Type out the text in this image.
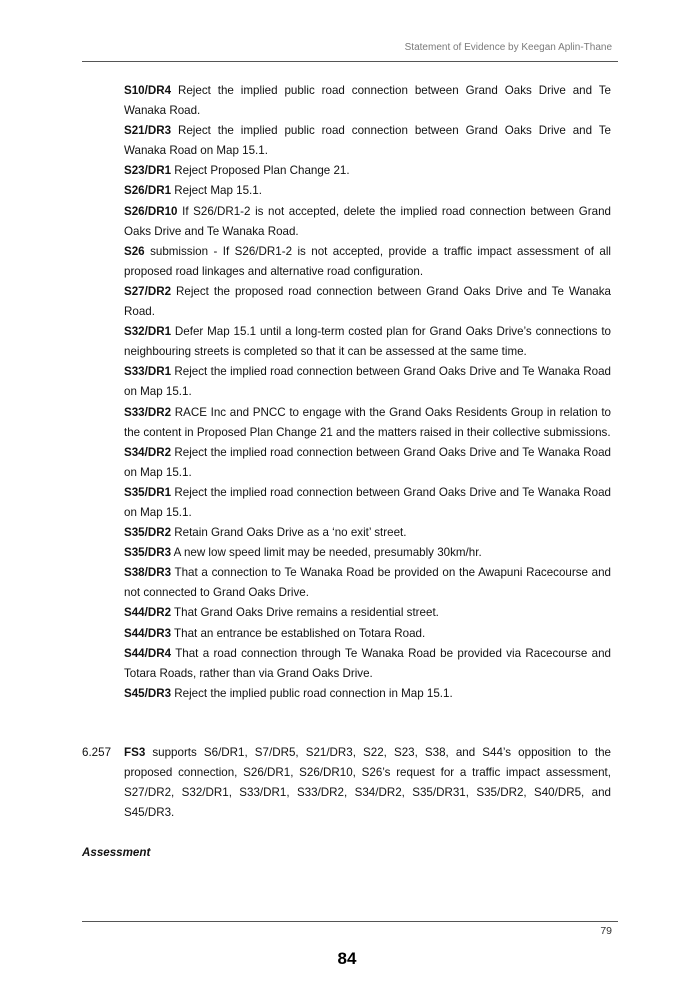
Statement of Evidence by Keegan Aplin-Thane

S10/DR4 Reject the implied public road connection between Grand Oaks Drive and Te Wanaka Road.

S21/DR3 Reject the implied public road connection between Grand Oaks Drive and Te Wanaka Road on Map 15.1.

S23/DR1 Reject Proposed Plan Change 21.

S26/DR1 Reject Map 15.1.

S26/DR10 If S26/DR1-2 is not accepted, delete the implied road connection between Grand Oaks Drive and Te Wanaka Road.

S26 submission - If S26/DR1-2 is not accepted, provide a traffic impact assessment of all proposed road linkages and alternative road configuration.

S27/DR2 Reject the proposed road connection between Grand Oaks Drive and Te Wanaka Road.

S32/DR1 Defer Map 15.1 until a long-term costed plan for Grand Oaks Drive’s connections to neighbouring streets is completed so that it can be assessed at the same time.

S33/DR1 Reject the implied road connection between Grand Oaks Drive and Te Wanaka Road on Map 15.1.

S33/DR2 RACE Inc and PNCC to engage with the Grand Oaks Residents Group in relation to the content in Proposed Plan Change 21 and the matters raised in their collective submissions.

S34/DR2 Reject the implied road connection between Grand Oaks Drive and Te Wanaka Road on Map 15.1.

S35/DR1 Reject the implied road connection between Grand Oaks Drive and Te Wanaka Road on Map 15.1.

S35/DR2 Retain Grand Oaks Drive as a ‘no exit’ street.

S35/DR3 A new low speed limit may be needed, presumably 30km/hr.

S38/DR3 That a connection to Te Wanaka Road be provided on the Awapuni Racecourse and not connected to Grand Oaks Drive.

S44/DR2 That Grand Oaks Drive remains a residential street.

S44/DR3 That an entrance be established on Totara Road.

S44/DR4 That a road connection through Te Wanaka Road be provided via Racecourse and Totara Roads, rather than via Grand Oaks Drive.

S45/DR3 Reject the implied public road connection in Map 15.1.

6.257 FS3 supports S6/DR1, S7/DR5, S21/DR3, S22, S23, S38, and S44’s opposition to the proposed connection, S26/DR1, S26/DR10, S26’s request for a traffic impact assessment, S27/DR2, S32/DR1, S33/DR1, S33/DR2, S34/DR2, S35/DR31, S35/DR2, S40/DR5, and S45/DR3.
Assessment
79
84
